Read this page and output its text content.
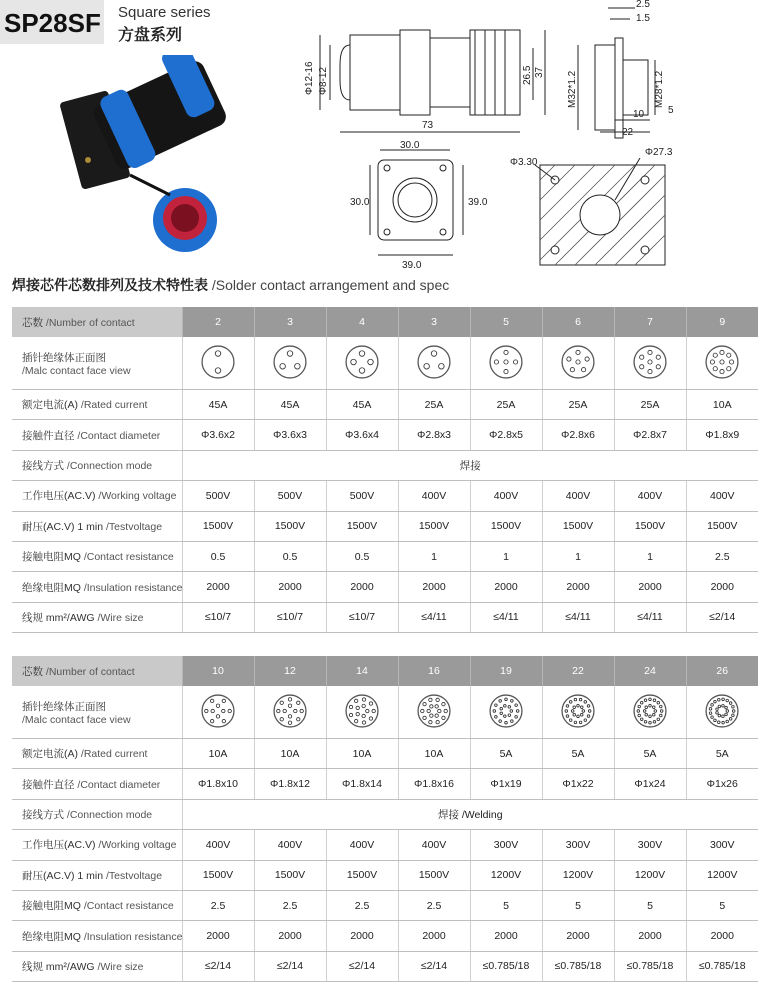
SP28SF Square series
方盘系列
Φ12-16 Φ8-12	26.5 37
73
2.5
1.5
M32*1.2	M28*1.2
10 5
22
30.0
30.0	39.0
39.0
Φ3.30
Φ27.3
焊接芯件芯数排列及技术特性表 /Solder contact arrangement and spec
芯数 /Number of contact	2	3	4	3	5	6	7	9
插针绝缘体正面图
/Malc contact face view								
额定电流(A) /Rated current	45A	45A	45A	25A	25A	25A	25A	10A
接触件直径 /Contact diameter	Φ3.6x2	Φ3.6x3	Φ3.6x4	Φ2.8x3	Φ2.8x5	Φ2.8x6	Φ2.8x7	Φ1.8x9
接线方式 /Connection mode	焊接							
工作电压(AC.V) /Working voltage	500V	500V	500V	400V	400V	400V	400V	400V
耐压(AC.V) 1 min /Testvoltage	1500V	1500V	1500V	1500V	1500V	1500V	1500V	1500V
接触电阻MQ /Contact resistance	0.5	0.5	0.5	1	1	1	1	2.5
绝缘电阻MQ /Insulation resistance	2000	2000	2000	2000	2000	2000	2000	2000
线规 mm²/AWG /Wire size	≤10/7	≤10/7	≤10/7	≤4/11	≤4/11	≤4/11	≤4/11	≤2/14
芯数 /Number of contact	10	12	14	16	19	22	24	26
插针绝缘体正面图
/Malc contact face view								
额定电流(A) /Rated current	10A	10A	10A	10A	5A	5A	5A	5A
接触件直径 /Contact diameter	Φ1.8x10	Φ1.8x12	Φ1.8x14	Φ1.8x16	Φ1x19	Φ1x22	Φ1x24	Φ1x26
接线方式 /Connection mode	焊接 /Welding							
工作电压(AC.V) /Working voltage	400V	400V	400V	400V	300V	300V	300V	300V
耐压(AC.V) 1 min /Testvoltage	1500V	1500V	1500V	1500V	1200V	1200V	1200V	1200V
接触电阻MQ /Contact resistance	2.5	2.5	2.5	2.5	5	5	5	5
绝缘电阻MQ /Insulation resistance	2000	2000	2000	2000	2000	2000	2000	2000
线规 mm²/AWG /Wire size	≤2/14	≤2/14	≤2/14	≤2/14	≤0.785/18	≤0.785/18	≤0.785/18	≤0.785/18
